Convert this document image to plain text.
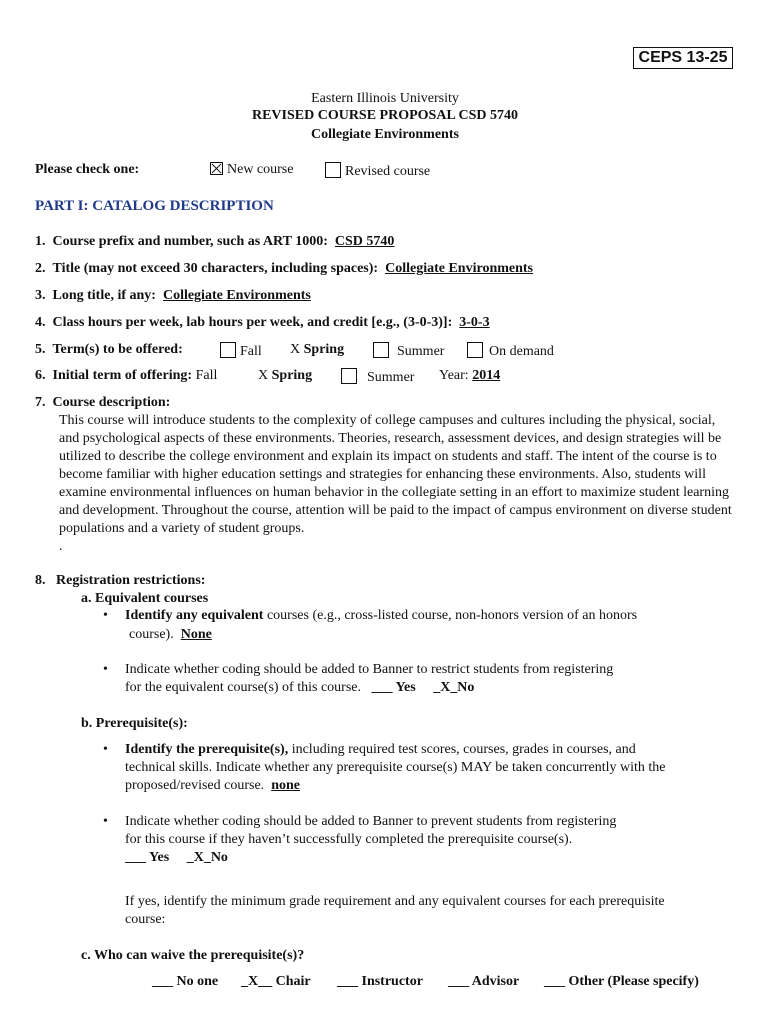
CEPS 13-25
Eastern Illinois University
REVISED COURSE PROPOSAL CSD 5740
Collegiate Environments
Please check one:	New course	Revised course
PART I: CATALOG DESCRIPTION
1. Course prefix and number, such as ART 1000: CSD 5740
2. Title (may not exceed 30 characters, including spaces): Collegiate Environments
3. Long title, if any: Collegiate Environments
4. Class hours per week, lab hours per week, and credit [e.g., (3-0-3)]: 3-0-3
5. Term(s) to be offered:	Fall X Spring	Summer	On demand
6. Initial term of offering: Fall	X Spring	Summer Year: 2014
7. Course description:
This course will introduce students to the complexity of college campuses and cultures including the physical, social, and psychological aspects of these environments. Theories, research, assessment devices, and design strategies will be utilized to describe the college environment and explain its impact on students and staff. The intent of the course is to become familiar with higher education settings and strategies for enhancing these environments. Also, students will examine environmental influences on human behavior in the collegiate setting in an effort to maximize student learning and development. Throughout the course, attention will be paid to the impact of campus environment on diverse student populations and a variety of student groups.
.
8. Registration restrictions:
a. Equivalent courses
• Identify any equivalent courses (e.g., cross-listed course, non-honors version of an honors
course). None
• Indicate whether coding should be added to Banner to restrict students from registering
for the equivalent course(s) of this course. ___ Yes _X_No
b. Prerequisite(s):
• Identify the prerequisite(s), including required test scores, courses, grades in courses, and
technical skills. Indicate whether any prerequisite course(s) MAY be taken concurrently with the
proposed/revised course. none
• Indicate whether coding should be added to Banner to prevent students from registering
for this course if they haven’t successfully completed the prerequisite course(s).
___ Yes _X_No
If yes, identify the minimum grade requirement and any equivalent courses for each prerequisite
course:
c. Who can waive the prerequisite(s)?
___ No one _X__ Chair ___ Instructor ___ Advisor ___ Other (Please specify)
